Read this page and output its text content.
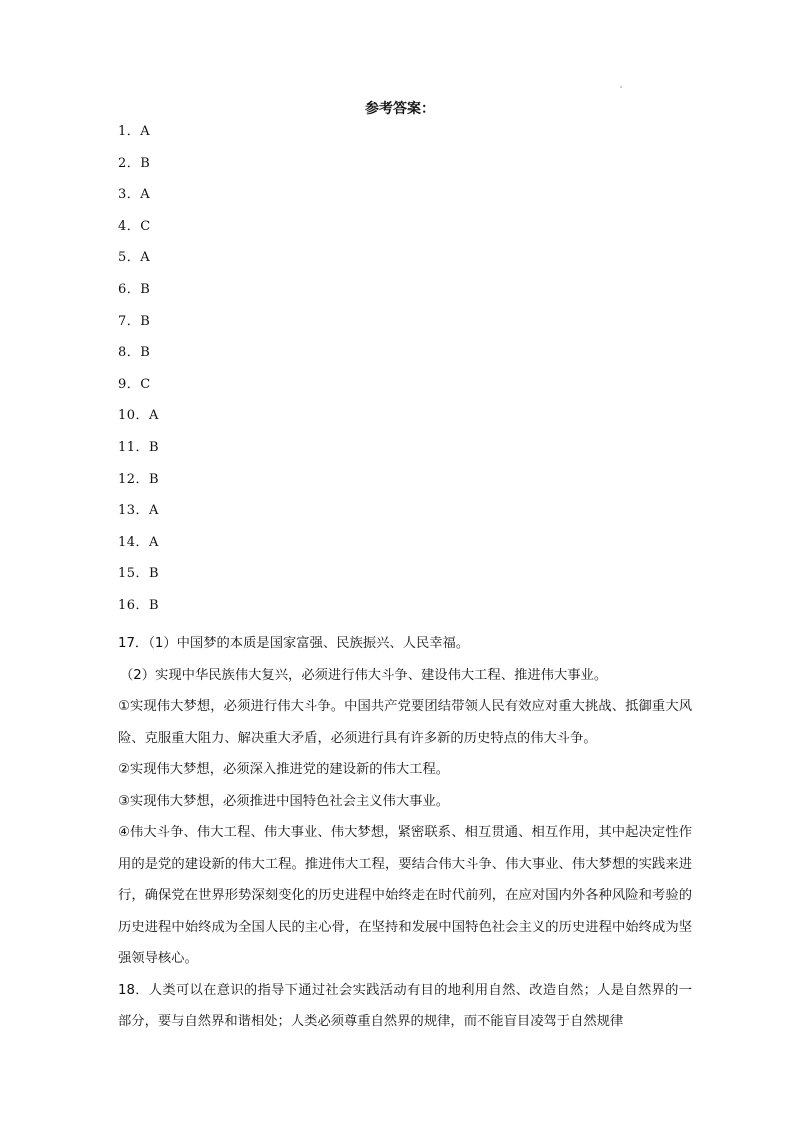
参考答案：
1．A
2．B
3．A
4．C
5．A
6．B
7．B
8．B
9．C
10．A
11．B
12．B
13．A
14．A
15．B
16．B

17．（1）中国梦的本质是国家富强、民族振兴、人民幸福。

（2）实现中华民族伟大复兴，必须进行伟大斗争、建设伟大工程、推进伟大事业。

①实现伟大梦想，必须进行伟大斗争。中国共产党要团结带领人民有效应对重大挑战、抵御重大风险、克服重大阻力、解决重大矛盾，必须进行具有许多新的历史特点的伟大斗争。

②实现伟大梦想，必须深入推进党的建设新的伟大工程。

③实现伟大梦想，必须推进中国特色社会主义伟大事业。

④伟大斗争、伟大工程、伟大事业、伟大梦想，紧密联系、相互贯通、相互作用，其中起决定性作用的是党的建设新的伟大工程。推进伟大工程，要结合伟大斗争、伟大事业、伟大梦想的实践来进行，确保党在世界形势深刻变化的历史进程中始终走在时代前列，在应对国内外各种风险和考验的历史进程中始终成为全国人民的主心骨，在坚持和发展中国特色社会主义的历史进程中始终成为坚强领导核心。

18．人类可以在意识的指导下通过社会实践活动有目的地利用自然、改造自然；人是自然界的一部分，要与自然界和谐相处；人类必须尊重自然界的规律，而不能盲目凌驾于自然规律
